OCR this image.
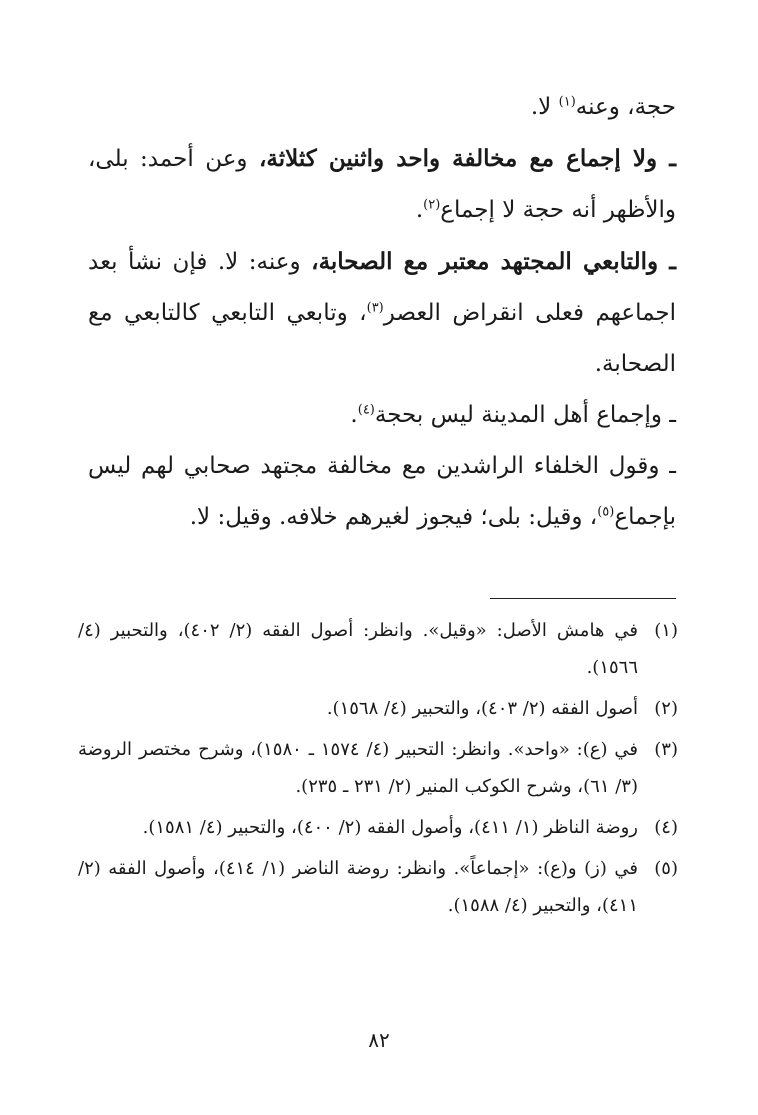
حجة، وعنه$^{(١)}$ لا.

ـ ولا إجماع مع مخالفة واحد واثنين كثلاثة، وعن أحمد: بلى، والأظهر أنه حجة لا إجماع$^{(٢)}$.

ـ والتابعي المجتهد معتبر مع الصحابة، وعنه: لا. فإن نشأ بعد اجماعهم فعلى انقراض العصر$^{(٣)}$، وتابعي التابعي كالتابعي مع الصحابة.

ـ وإجماع أهل المدينة ليس بحجة$^{(٤)}$.

ـ وقول الخلفاء الراشدين مع مخالفة مجتهد صحابي لهم ليس بإجماع$^{(٥)}$، وقيل: بلى؛ فيجوز لغيرهم خلافه. وقيل: لا.

(١)
في هامش الأصل: «وقيل». وانظر: أصول الفقه (٢/ ٤٠٢)، والتحبير (٤/ ١٥٦٦).
(٢)
أصول الفقه (٢/ ٤٠٣)، والتحبير (٤/ ١٥٦٨).
(٣)
في (ع): «واحد». وانظر: التحبير (٤/ ١٥٧٤ ـ ١٥٨٠)، وشرح مختصر الروضة (٣/ ٦١)، وشرح الكوكب المنير (٢/ ٢٣١ ـ ٢٣٥).
(٤)
روضة الناظر (١/ ٤١١)، وأصول الفقه (٢/ ٤٠٠)، والتحبير (٤/ ١٥٨١).
(٥)
في (ز) و(ع): «إجماعاً». وانظر: روضة الناضر (١/ ٤١٤)، وأصول الفقه (٢/ ٤١١)، والتحبير (٤/ ١٥٨٨).
٨٢
